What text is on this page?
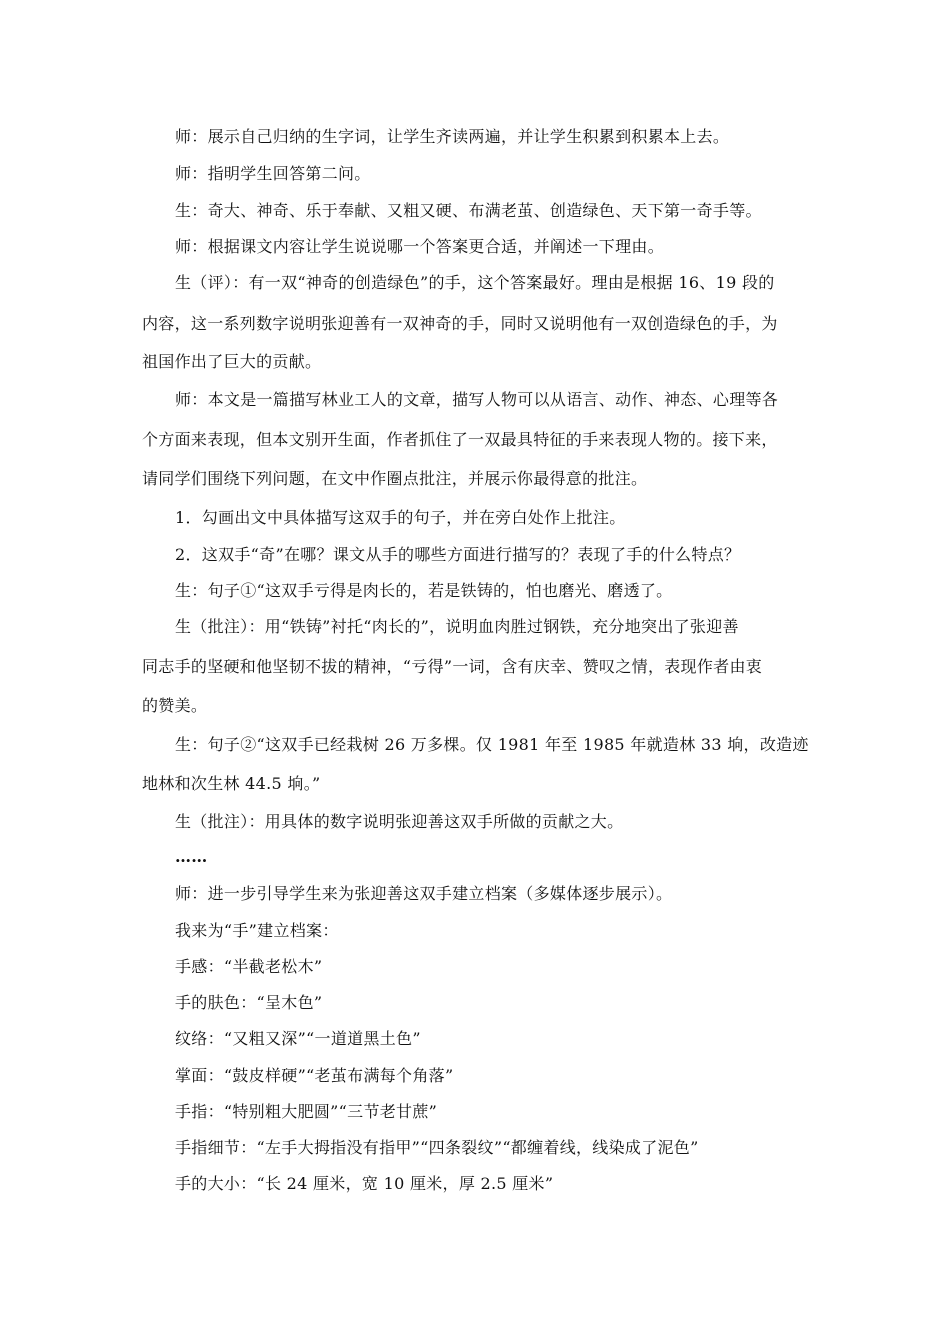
师：展示自己归纳的生字词，让学生齐读两遍，并让学生积累到积累本上去。
师：指明学生回答第二问。
生：奇大、神奇、乐于奉献、又粗又硬、布满老茧、创造绿色、天下第一奇手等。
师：根据课文内容让学生说说哪一个答案更合适，并阐述一下理由。
生（评）：有一双“神奇的创造绿色”的手，这个答案最好。理由是根据 16、19 段的
内容，这一系列数字说明张迎善有一双神奇的手，同时又说明他有一双创造绿色的手，为
祖国作出了巨大的贡献。
师：本文是一篇描写林业工人的文章，描写人物可以从语言、动作、神态、心理等各
个方面来表现，但本文别开生面，作者抓住了一双最具特征的手来表现人物的。接下来，
请同学们围绕下列问题，在文中作圈点批注，并展示你最得意的批注。
1．勾画出文中具体描写这双手的句子，并在旁白处作上批注。
2．这双手“奇”在哪？课文从手的哪些方面进行描写的？表现了手的什么特点？
生：句子①“这双手亏得是肉长的，若是铁铸的，怕也磨光、磨透了。
生（批注）：用“铁铸”衬托“肉长的”，说明血肉胜过钢铁，充分地突出了张迎善
同志手的坚硬和他坚韧不拔的精神，“亏得”一词，含有庆幸、赞叹之情，表现作者由衷
的赞美。
生：句子②“这双手已经栽树 26 万多棵。仅 1981 年至 1985 年就造林 33 垧，改造迹
地林和次生林 44.5 垧。”
生（批注）：用具体的数字说明张迎善这双手所做的贡献之大。
……
师：进一步引导学生来为张迎善这双手建立档案（多媒体逐步展示）。
我来为“手”建立档案：
手感：“半截老松木”
手的肤色：“呈木色”
纹络：“又粗又深”“一道道黑土色”
掌面：“鼓皮样硬”“老茧布满每个角落”
手指：“特别粗大肥圆”“三节老甘蔗”
手指细节：“左手大拇指没有指甲”“四条裂纹”“都缠着线，线染成了泥色”
手的大小：“长 24 厘米，宽 10 厘米，厚 2.5 厘米”
